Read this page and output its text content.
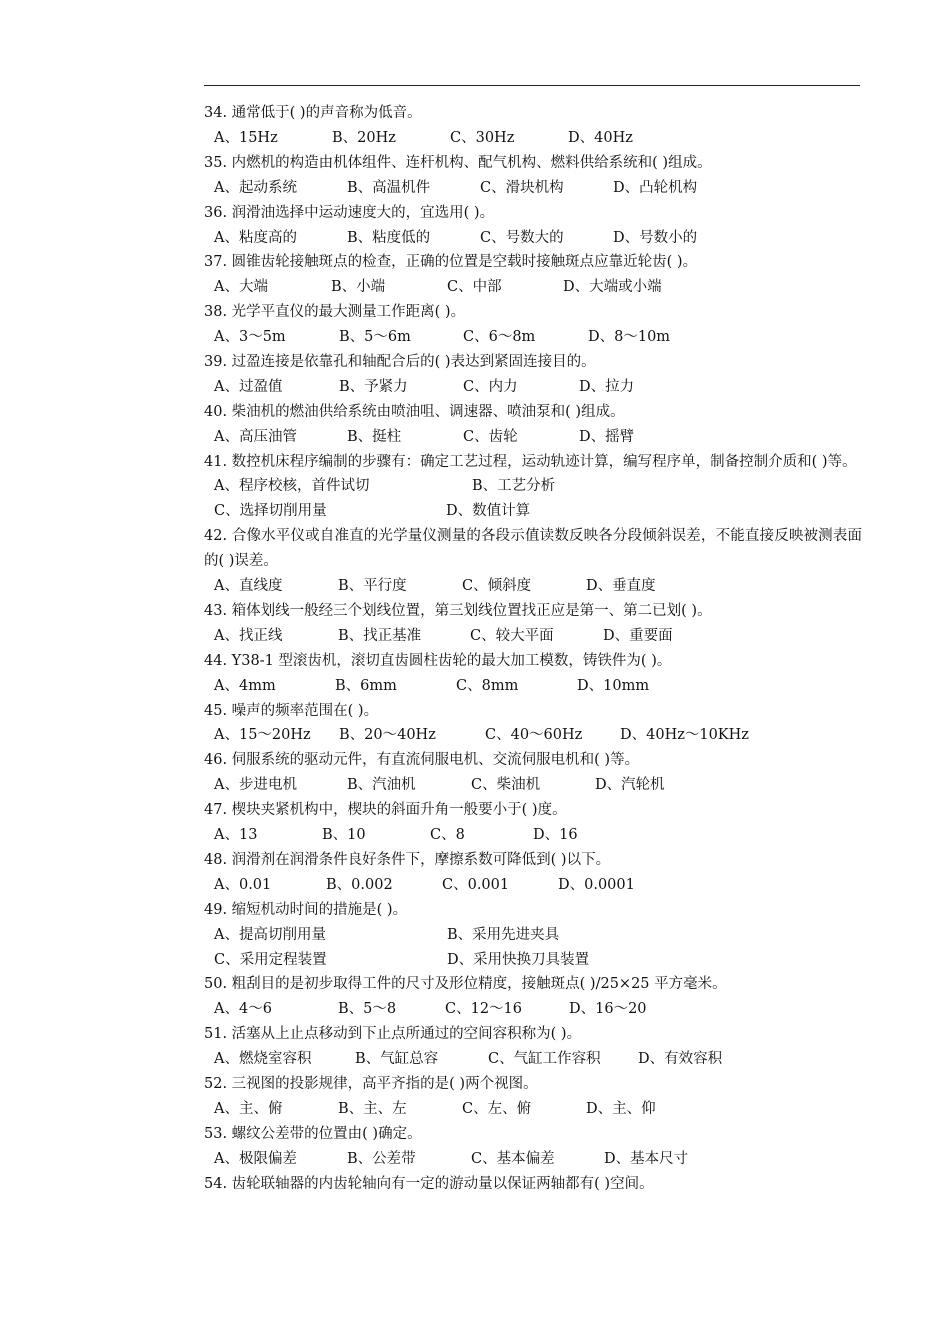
34. 通常低于( )的声音称为低音。
A、15Hz	B、20Hz	C、30Hz	D、40Hz
35. 内燃机的构造由机体组件、连杆机构、配气机构、燃料供给系统和( )组成。
A、起动系统	B、高温机件	C、滑块机构	D、凸轮机构
36. 润滑油选择中运动速度大的，宜选用( )。
A、粘度高的	B、粘度低的	C、号数大的	D、号数小的
37. 圆锥齿轮接触斑点的检查，正确的位置是空载时接触斑点应靠近轮齿( )。
A、大端	B、小端	C、中部	D、大端或小端
38. 光学平直仪的最大测量工作距离( )。
A、3～5m	B、5～6m	C、6～8m	D、8～10m
39. 过盈连接是依靠孔和轴配合后的( )表达到紧固连接目的。
A、过盈值	B、予紧力	C、内力	D、拉力
40. 柴油机的燃油供给系统由喷油咀、调速器、喷油泵和( )组成。
A、高压油管	B、挺柱	C、齿轮	D、摇臂
41. 数控机床程序编制的步骤有：确定工艺过程，运动轨迹计算，编写程序单，制备控制介质和( )等。
A、程序校核，首件试切	B、工艺分析
C、选择切削用量	D、数值计算
42. 合像水平仪或自准直的光学量仪测量的各段示值读数反映各分段倾斜误差，不能直接反映被测表面的( )误差。
A、直线度	B、平行度	C、倾斜度	D、垂直度
43. 箱体划线一般经三个划线位置，第三划线位置找正应是第一、第二已划( )。
A、找正线	B、找正基准	C、较大平面	D、重要面
44. Y38-1 型滚齿机，滚切直齿圆柱齿轮的最大加工模数，铸铁件为( )。
A、4mm	B、6mm	C、8mm	D、10mm
45. 噪声的频率范围在( )。
A、15～20Hz	B、20～40Hz	C、40～60Hz	D、40Hz～10KHz
46. 伺服系统的驱动元件，有直流伺服电机、交流伺服电机和( )等。
A、步进电机	B、汽油机	C、柴油机	D、汽轮机
47. 楔块夹紧机构中，楔块的斜面升角一般要小于( )度。
A、13	B、10	C、8	D、16
48. 润滑剂在润滑条件良好条件下，摩擦系数可降低到( )以下。
A、0.01	B、0.002	C、0.001	D、0.0001
49. 缩短机动时间的措施是( )。
A、提高切削用量	B、采用先进夹具
C、采用定程装置	D、采用快换刀具装置
50. 粗刮目的是初步取得工件的尺寸及形位精度，接触斑点( )/25×25 平方毫米。
A、4～6	B、5～8	C、12～16	D、16～20
51. 活塞从上止点移动到下止点所通过的空间容积称为( )。
A、燃烧室容积	B、气缸总容	C、气缸工作容积	D、有效容积
52. 三视图的投影规律，高平齐指的是( )两个视图。
A、主、俯	B、主、左	C、左、俯	D、主、仰
53. 螺纹公差带的位置由( )确定。
A、极限偏差	B、公差带	C、基本偏差	D、基本尺寸
54. 齿轮联轴器的内齿轮轴向有一定的游动量以保证两轴都有( )空间。
